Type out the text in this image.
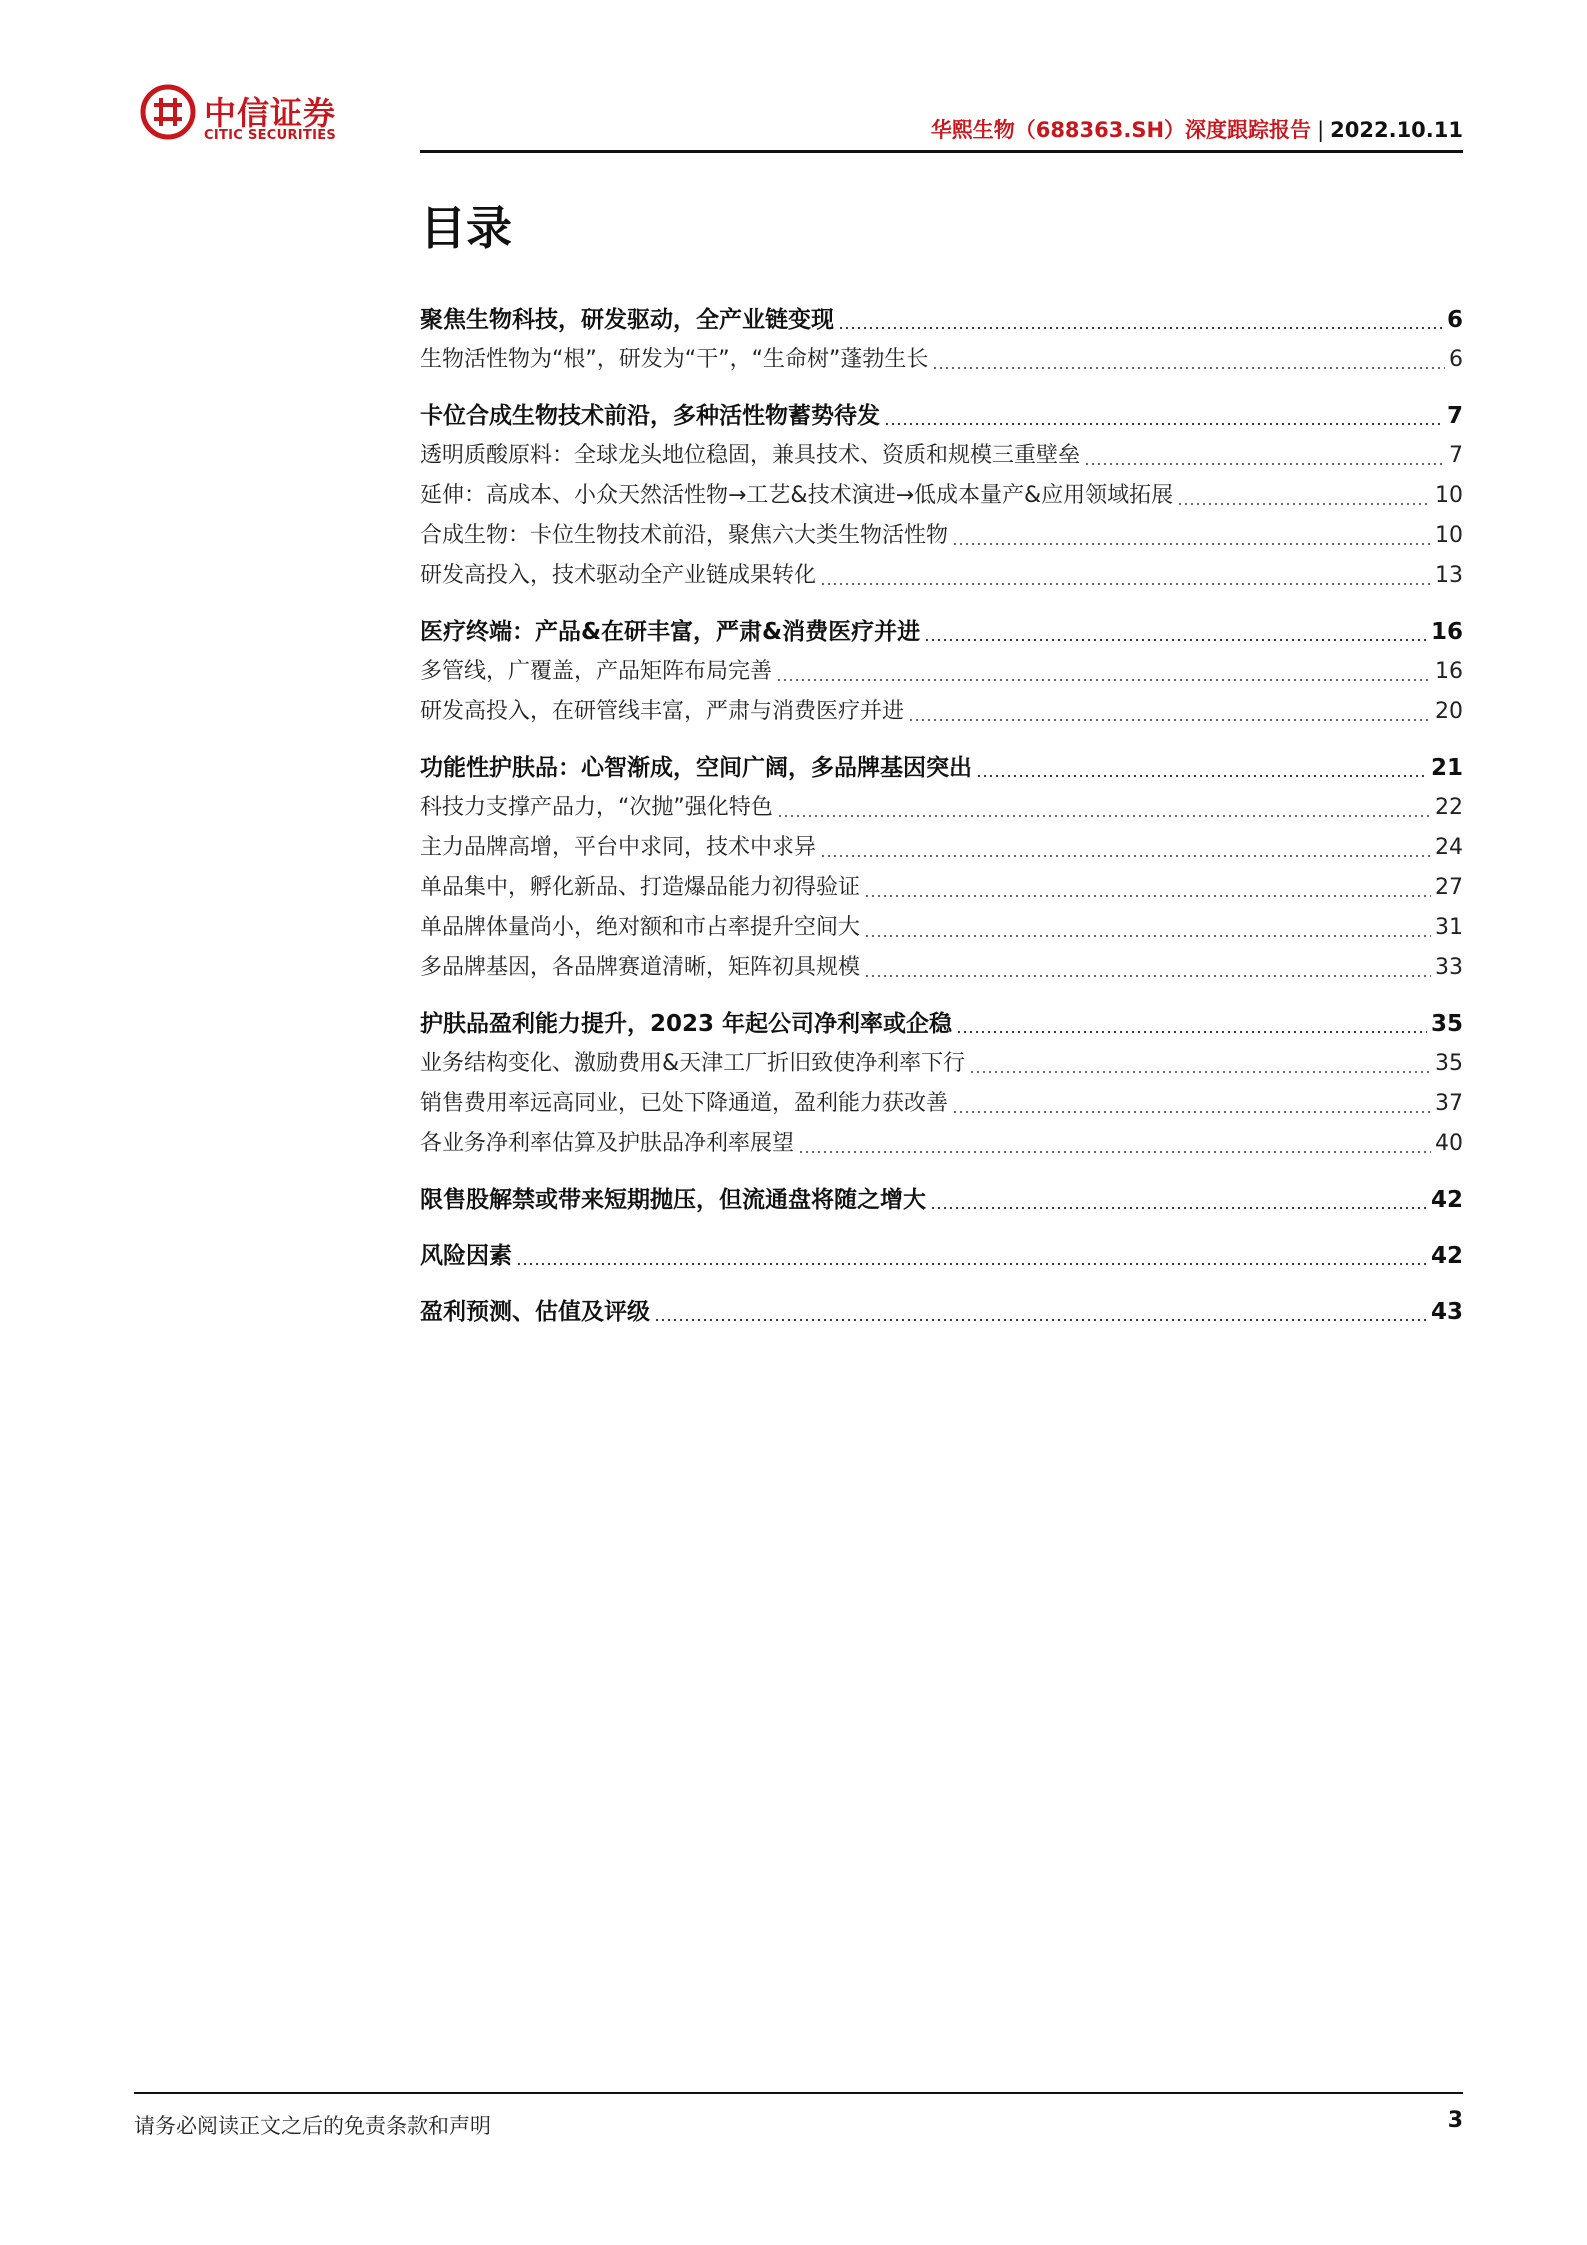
中信证券
CITIC SECURITIES	华熙生物（688363.SH）深度跟踪报告 | 2022.10.11
目录
聚焦生物科技，研发驱动，全产业链变现	6
生物活性物为“根”，研发为“干”，“生命树”蓬勃生长	6
卡位合成生物技术前沿，多种活性物蓄势待发	7
透明质酸原料：全球龙头地位稳固，兼具技术、资质和规模三重壁垒	7
延伸：高成本、小众天然活性物→工艺&技术演进→低成本量产&应用领域拓展	10
合成生物：卡位生物技术前沿，聚焦六大类生物活性物	10
研发高投入，技术驱动全产业链成果转化	13
医疗终端：产品&在研丰富，严肃&消费医疗并进	16
多管线，广覆盖，产品矩阵布局完善	16
研发高投入，在研管线丰富，严肃与消费医疗并进	20
功能性护肤品：心智渐成，空间广阔，多品牌基因突出	21
科技力支撑产品力，“次抛”强化特色	22
主力品牌高增，平台中求同，技术中求异	24
单品集中，孵化新品、打造爆品能力初得验证	27
单品牌体量尚小，绝对额和市占率提升空间大	31
多品牌基因，各品牌赛道清晰，矩阵初具规模	33
护肤品盈利能力提升，2023 年起公司净利率或企稳	35
业务结构变化、激励费用&天津工厂折旧致使净利率下行	35
销售费用率远高同业，已处下降通道，盈利能力获改善	37
各业务净利率估算及护肤品净利率展望	40
限售股解禁或带来短期抛压，但流通盘将随之增大	42
风险因素	42
盈利预测、估值及评级	43
请务必阅读正文之后的免责条款和声明	3
